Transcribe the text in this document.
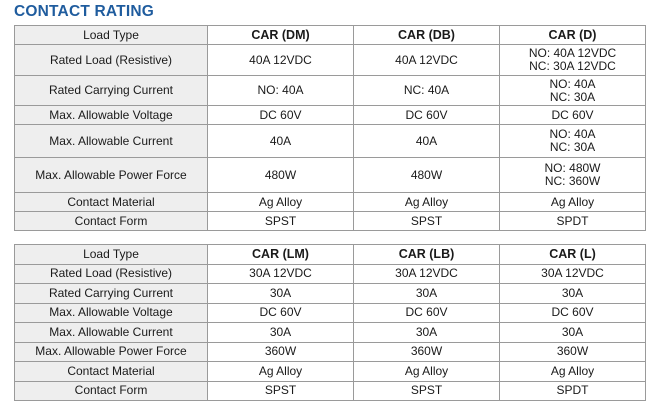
CONTACT RATING
Load Type	CAR (DM)	CAR (DB)	CAR (D)
Rated Load (Resistive)	40A 12VDC	40A 12VDC	NO: 40A 12VDC
NC: 30A 12VDC

Rated Carrying Current	NO: 40A	NC: 40A	NO: 40A
NC: 30A

Max. Allowable Voltage	DC 60V	DC 60V	DC 60V

Max. Allowable Current	40A	40A	NO: 40A
NC: 30A

Max. Allowable Power Force	480W	480W	NO: 480W
NC: 360W

Contact Material	Ag Alloy	Ag Alloy	Ag Alloy

Contact Form	SPST	SPST	SPDT
Load Type	CAR (LM)	CAR (LB)	CAR (L)
Rated Load (Resistive)	30A 12VDC	30A 12VDC	30A 12VDC

Rated Carrying Current	30A	30A	30A

Max. Allowable Voltage	DC 60V	DC 60V	DC 60V

Max. Allowable Current	30A	30A	30A

Max. Allowable Power Force	360W	360W	360W

Contact Material	Ag Alloy	Ag Alloy	Ag Alloy

Contact Form	SPST	SPST	SPDT
